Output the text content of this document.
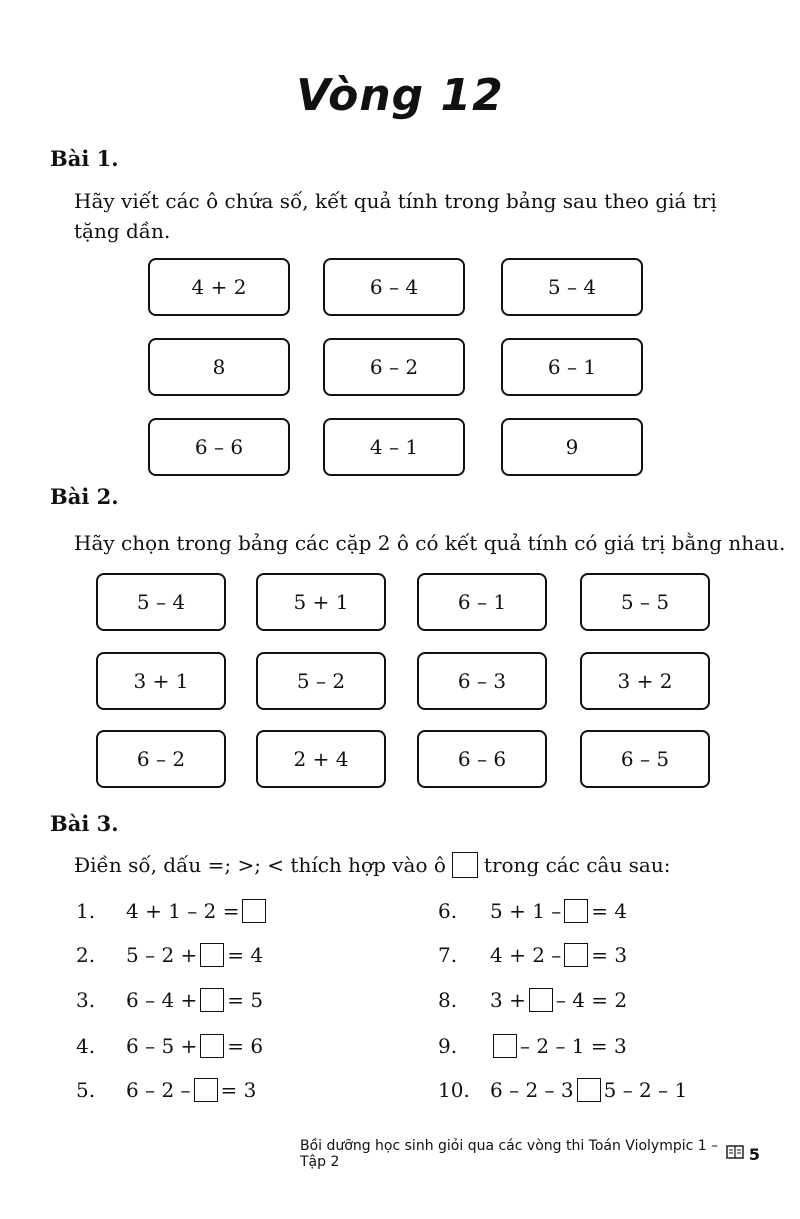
Vòng 12
Bài 1.
Hãy viết các ô chứa số, kết quả tính trong bảng sau theo giá trị
tặng dần.
4 + 2	6 – 4	5 – 4
8	6 – 2	6 – 1
6 – 6	4 – 1	9
Bài 2.
Hãy chọn trong bảng các cặp 2 ô có kết quả tính có giá trị bằng nhau.
5 – 4	5 + 1	6 – 1	5 – 5
3 + 1	5 – 2	6 – 3	3 + 2
6 – 2	2 + 4	6 – 6	6 – 5
Bài 3.
Điền số, dấu =; >; < thích hợp vào ô trong các câu sau:
1.	4 + 1 – 2 =
2.	5 – 2 + = 4
3.	6 – 4 + = 5
4.	6 – 5 + = 6
5.	6 – 2 – = 3
6.	5 + 1 – = 4
7.	4 + 2 – = 3
8.	3 + – 4 = 2
9.	– 2 – 1 = 3
10.	6 – 2 – 3 5 – 2 – 1
Bồi dưỡng học sinh giỏi qua các vòng thi Toán Violympic 1 – Tập 2	5
